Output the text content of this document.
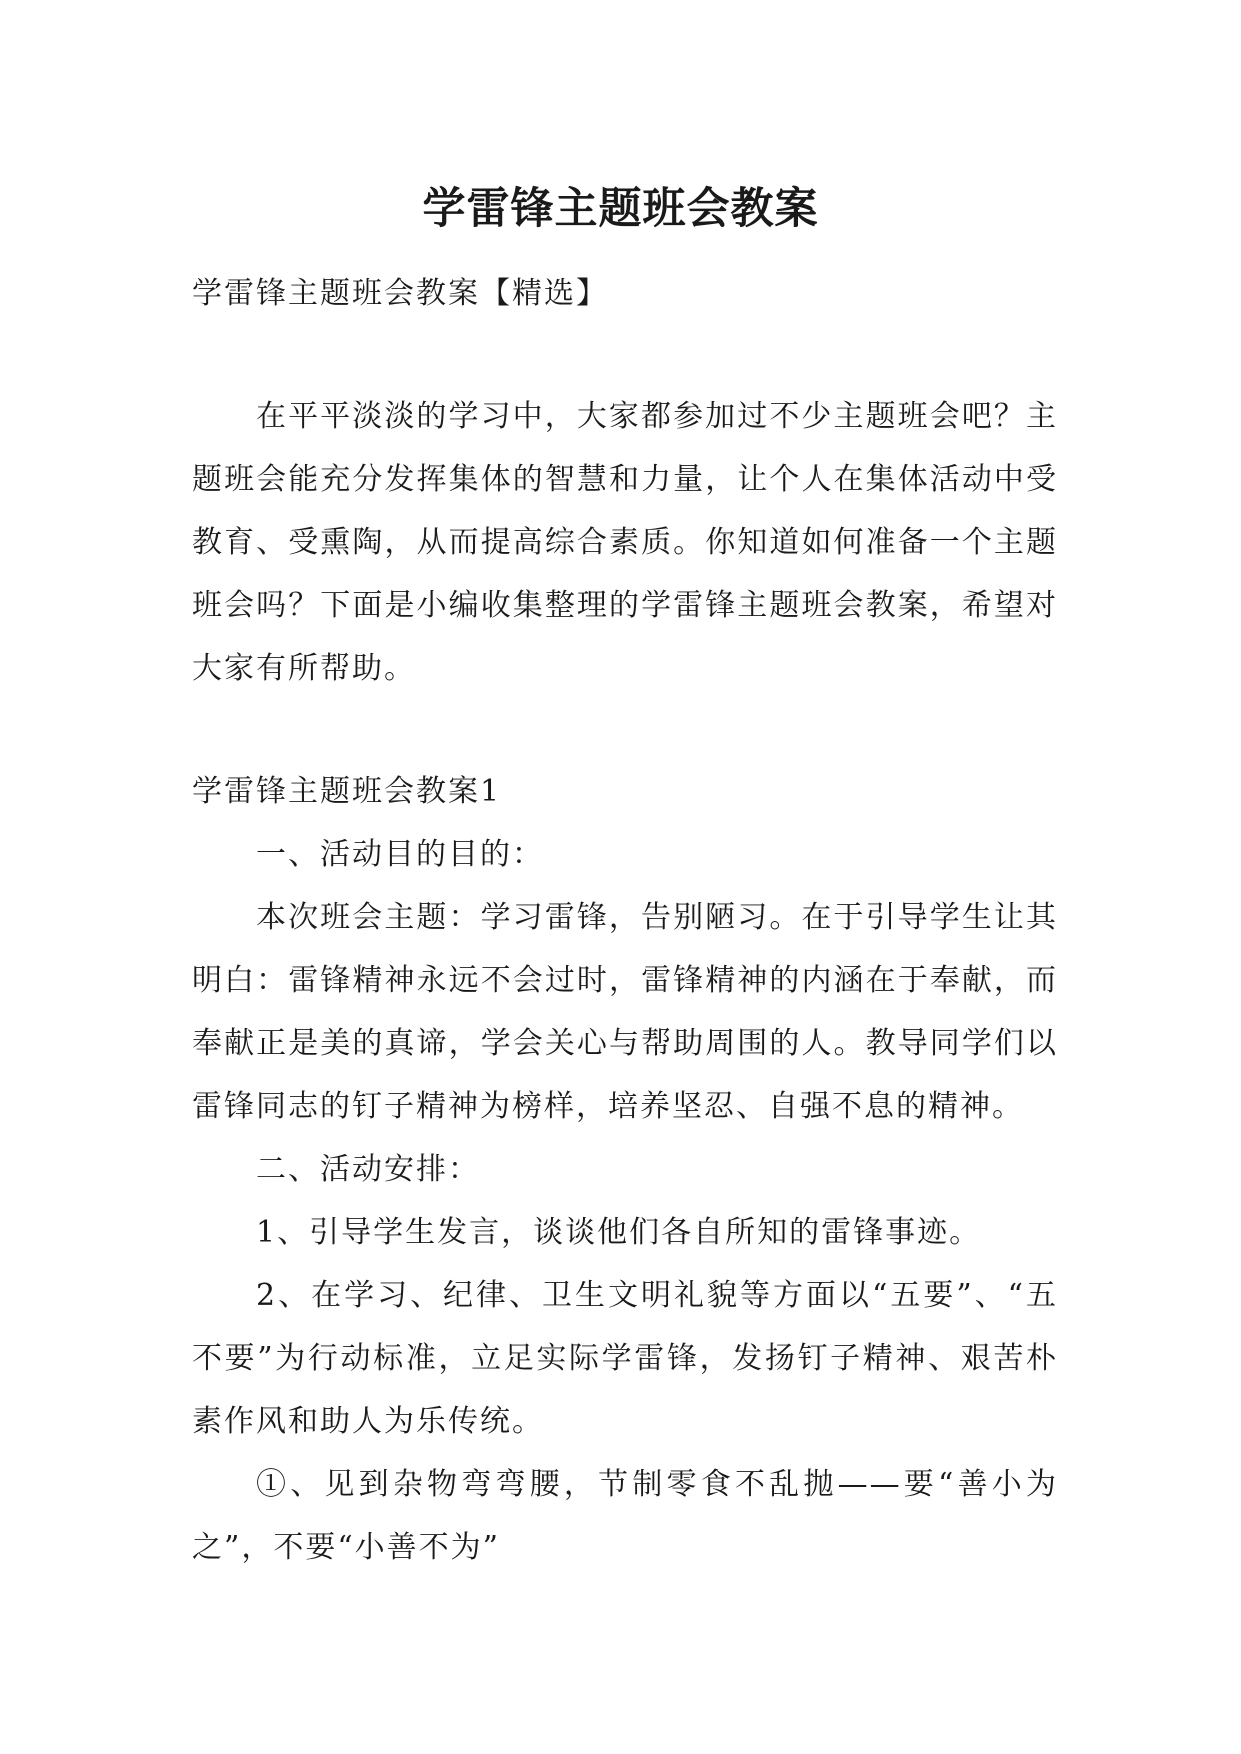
学雷锋主题班会教案

学雷锋主题班会教案【精选】

在平平淡淡的学习中，大家都参加过不少主题班会吧？主题班会能充分发挥集体的智慧和力量，让个人在集体活动中受教育、受熏陶，从而提高综合素质。你知道如何准备一个主题班会吗？下面是小编收集整理的学雷锋主题班会教案，希望对大家有所帮助。

学雷锋主题班会教案1

一、活动目的目的：

本次班会主题：学习雷锋，告别陋习。在于引导学生让其明白：雷锋精神永远不会过时，雷锋精神的内涵在于奉献，而奉献正是美的真谛，学会关心与帮助周围的人。教导同学们以雷锋同志的钉子精神为榜样，培养坚忍、自强不息的精神。

二、活动安排：

1、引导学生发言，谈谈他们各自所知的雷锋事迹。

2、在学习、纪律、卫生文明礼貌等方面以“五要”、“五不要”为行动标准，立足实际学雷锋，发扬钉子精神、艰苦朴素作风和助人为乐传统。

①、见到杂物弯弯腰，节制零食不乱抛——要“善小为之”，不要“小善不为”
